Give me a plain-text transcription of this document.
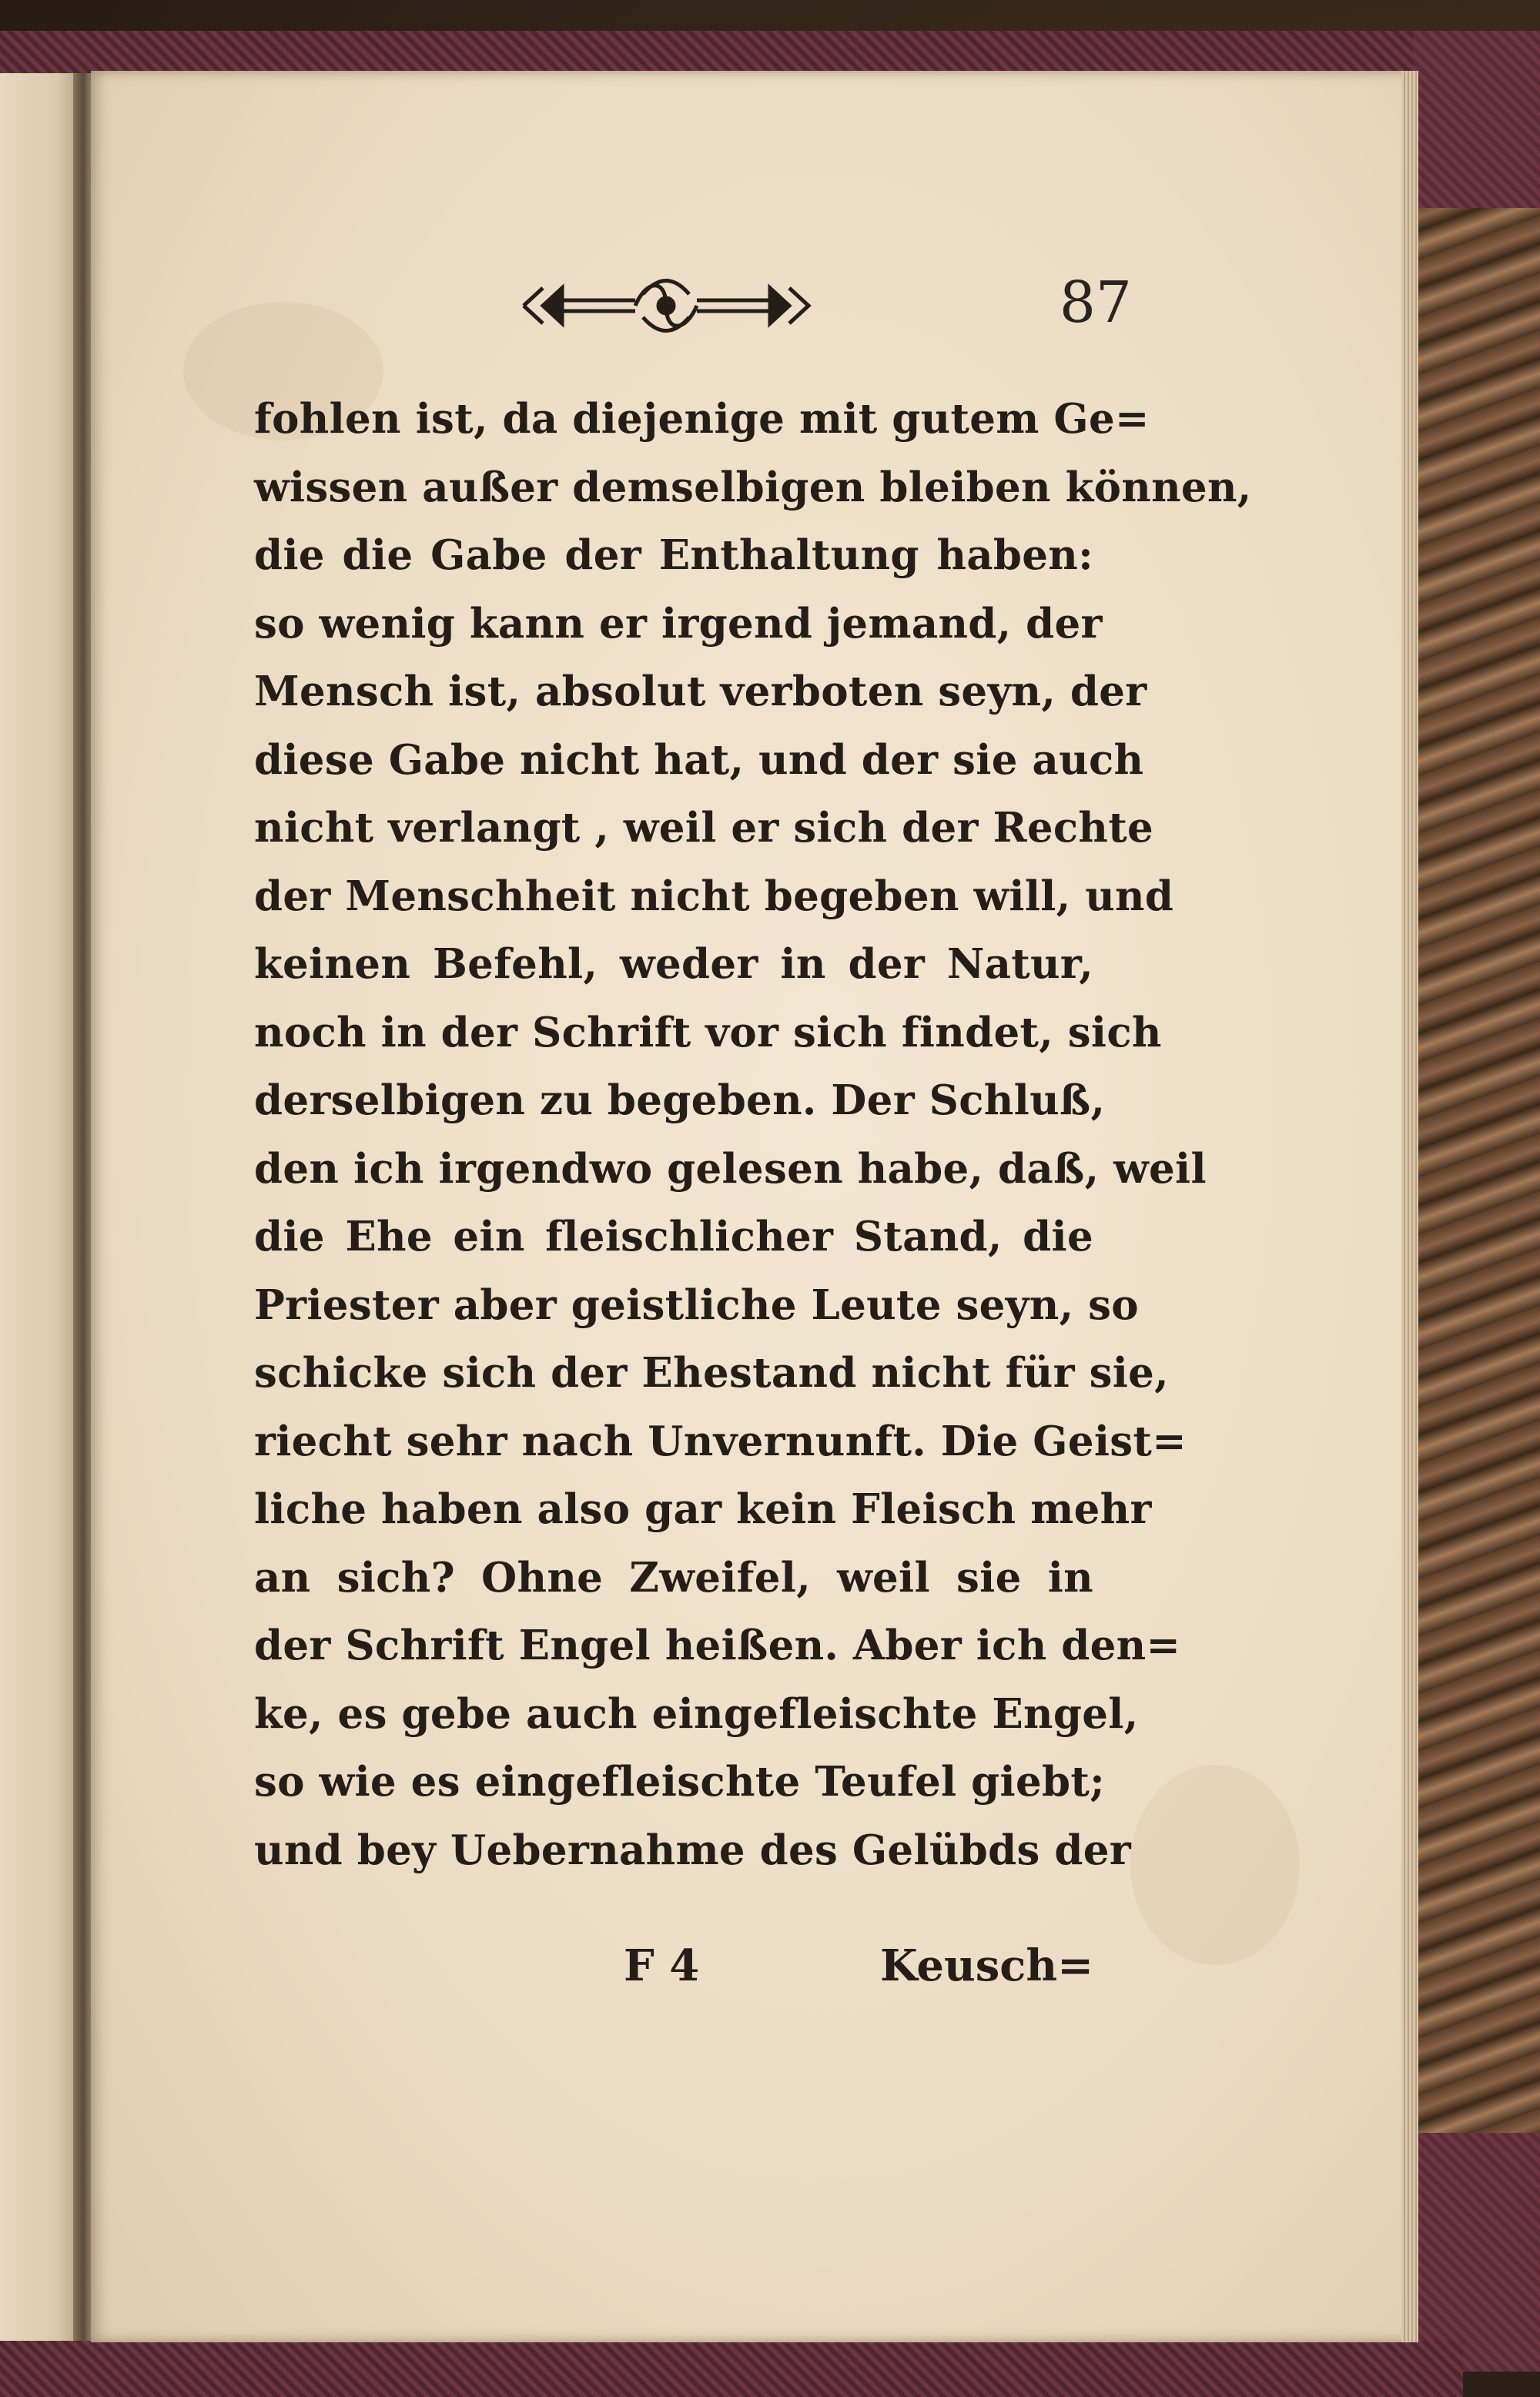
87
fohlen ist, da diejenige mit gutem Ge=
wissen außer demselbigen bleiben können,
die die Gabe der Enthaltung haben:
so wenig kann er irgend jemand, der
Mensch ist, absolut verboten seyn, der
diese Gabe nicht hat, und der sie auch
nicht verlangt , weil er sich der Rechte
der Menschheit nicht begeben will, und
keinen Befehl, weder in der Natur,
noch in der Schrift vor sich findet, sich
derselbigen zu begeben. Der Schluß,
den ich irgendwo gelesen habe, daß, weil
die Ehe ein fleischlicher Stand, die
Priester aber geistliche Leute seyn, so
schicke sich der Ehestand nicht für sie,
riecht sehr nach Unvernunft. Die Geist=
liche haben also gar kein Fleisch mehr
an sich? Ohne Zweifel, weil sie in
der Schrift Engel heißen. Aber ich den=
ke, es gebe auch eingefleischte Engel,
so wie es eingefleischte Teufel giebt;
und bey Uebernahme des Gelübds der
F 4	Keusch=
